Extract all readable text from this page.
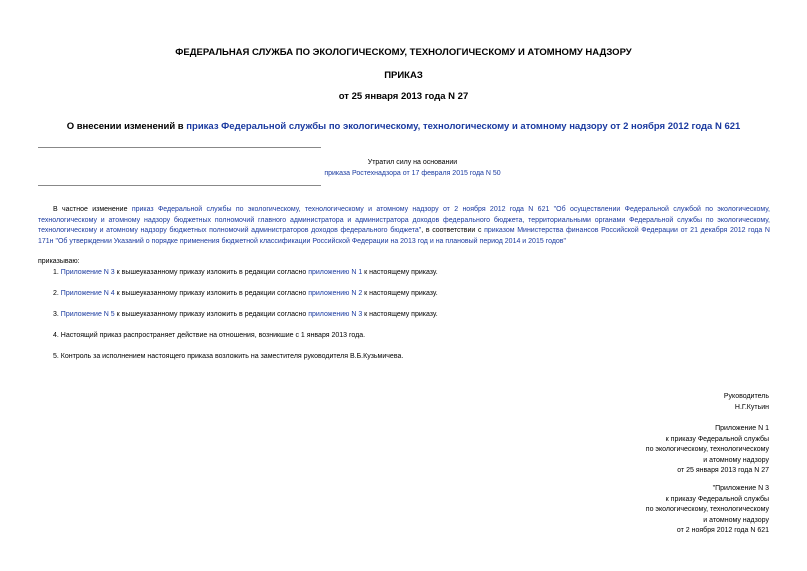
ФЕДЕРАЛЬНАЯ СЛУЖБА ПО ЭКОЛОГИЧЕСКОМУ, ТЕХНОЛОГИЧЕСКОМУ И АТОМНОМУ НАДЗОРУ
ПРИКАЗ
от 25 января 2013 года N 27
О внесении изменений в приказ Федеральной службы по экологическому, технологическому и атомному надзору от 2 ноября 2012 года N 621
Утратил силу на основании
приказа Ростехнадзора от 17 февраля 2015 года N 50
В частное изменение приказ Федеральной службы по экологическому, технологическому и атомному надзору от 2 ноября 2012 года N 621 "Об осуществлении Федеральной службой по экологическому, технологическому и атомному надзору бюджетных полномочий главного администратора и администратора доходов федерального бюджета, территориальными органами Федеральной службы по экологическому, технологическому и атомному надзору бюджетных полномочий администраторов доходов федерального бюджета", в соответствии с приказом Министерства финансов Российской Федерации от 21 декабря 2012 года N 171н "Об утверждении Указаний о порядке применения бюджетной классификации Российской Федерации на 2013 год и на плановый период 2014 и 2015 годов"
приказываю:
1. Приложение N 3 к вышеуказанному приказу изложить в редакции согласно приложению N 1 к настоящему приказу.
2. Приложение N 4 к вышеуказанному приказу изложить в редакции согласно приложению N 2 к настоящему приказу.
3. Приложение N 5 к вышеуказанному приказу изложить в редакции согласно приложению N 3 к настоящему приказу.
4. Настоящий приказ распространяет действие на отношения, возникшие с 1 января 2013 года.
5. Контроль за исполнением настоящего приказа возложить на заместителя руководителя В.Б.Кузьмичева.
Руководитель
Н.Г.Кутьин
Приложение N 1
к приказу Федеральной службы
по экологическому, технологическому
и атомному надзору
от 25 января 2013 года N 27
"Приложение N 3
к приказу Федеральной службы
по экологическому, технологическому
и атомному надзору
от 2 ноября 2012 года N 621
